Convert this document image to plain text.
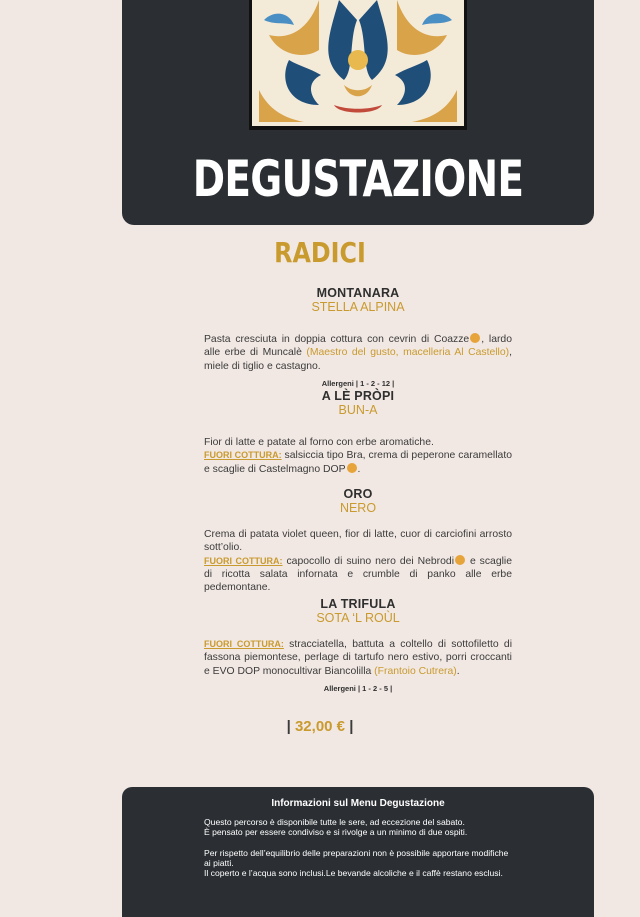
DEGUSTAZIONE
RADICI
MONTANARA
STELLA ALPINA
Pasta cresciuta in doppia cottura con cevrin di Coazze , lardo alle erbe di Muncalè (Maestro del gusto, macelleria Al Castello), miele di tiglio e castagno.
Allergeni | 1 - 2 - 12 |
A LÈ PRÒPI
BUN-A
Fior di latte e patate al forno con erbe aromatiche.
FUORI COTTURA: salsiccia tipo Bra, crema di peperone caramellato e scaglie di Castelmagno DOP .
ORO
NERO
Crema di patata violet queen, fior di latte, cuor di carciofini arrosto sott’olio.
FUORI COTTURA: capocollo di suino nero dei Nebrodi e scaglie di ricotta salata infornata e crumble di panko alle erbe pedemontane.
LA TRIFULA
SOTA ‘L ROÙL
FUORI COTTURA: stracciatella, battuta a coltello di sottofiletto di fassona piemontese, perlage di tartufo nero estivo, porri croccanti e EVO DOP monocultivar Biancolilla (Frantoio Cutrera).
Allergeni | 1 - 2 - 5 |
| 32,00 € |
Informazioni sul Menu Degustazione

Questo percorso è disponibile tutte le sere, ad eccezione del sabato.
È pensato per essere condiviso e si rivolge a un minimo di due ospiti.

Per rispetto dell’equilibrio delle preparazioni non è possibile apportare modifiche ai piatti.
Il coperto e l’acqua sono inclusi.Le bevande alcoliche e il caffè restano esclusi.
